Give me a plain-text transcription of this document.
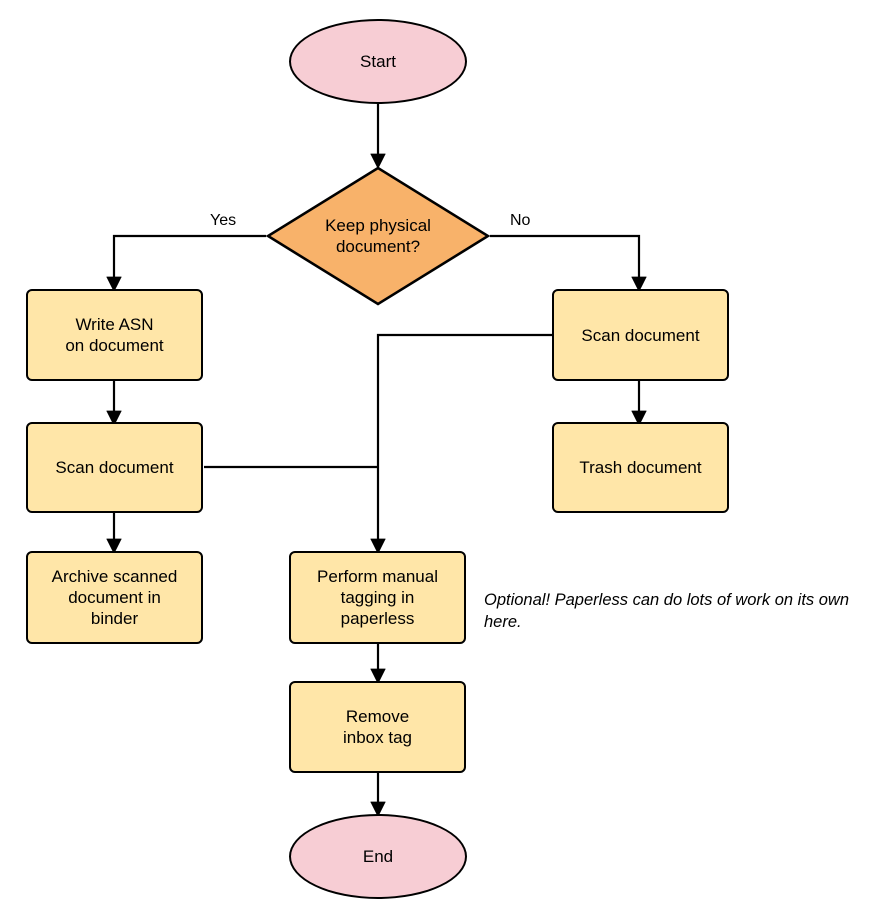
Start
Keep physical
document?
Yes	No
Write ASN
on document
Scan document
Archive scanned
document in
binder
Scan document
Trash document
Perform manual
tagging in
paperless
Remove
inbox tag
End
Optional! Paperless can do lots of work on its own here.
